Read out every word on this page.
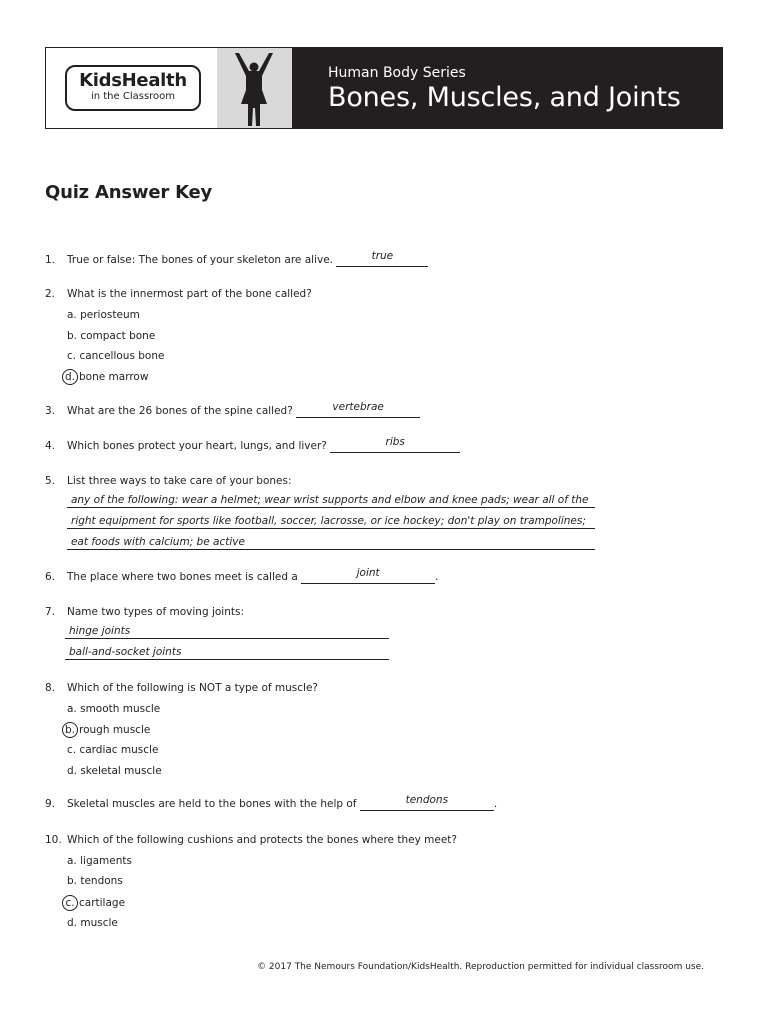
KidsHealth
in the Classroom
Human Body Series
Bones, Muscles, and Joints
Quiz Answer Key
1. True or false: The bones of your skeleton are alive.	true
2. What is the innermost part of the bone called?
a. periosteum
b. compact bone
c. cancellous bone
d. bone marrow
3. What are the 26 bones of the spine called?	vertebrae
4. Which bones protect your heart, lungs, and liver?	ribs
5. List three ways to take care of your bones:
any of the following: wear a helmet; wear wrist supports and elbow and knee pads; wear all of the
right equipment for sports like football, soccer, lacrosse, or ice hockey; don't play on trampolines;
eat foods with calcium; be active
6. The place where two bones meet is called a	joint	.
7. Name two types of moving joints:
hinge joints
ball-and-socket joints
8. Which of the following is NOT a type of muscle?
a. smooth muscle
b. rough muscle
c. cardiac muscle
d. skeletal muscle
9. Skeletal muscles are held to the bones with the help of	tendons	.
10. Which of the following cushions and protects the bones where they meet?
a. ligaments
b. tendons
c. cartilage
d. muscle
© 2017 The Nemours Foundation/KidsHealth. Reproduction permitted for individual classroom use.
